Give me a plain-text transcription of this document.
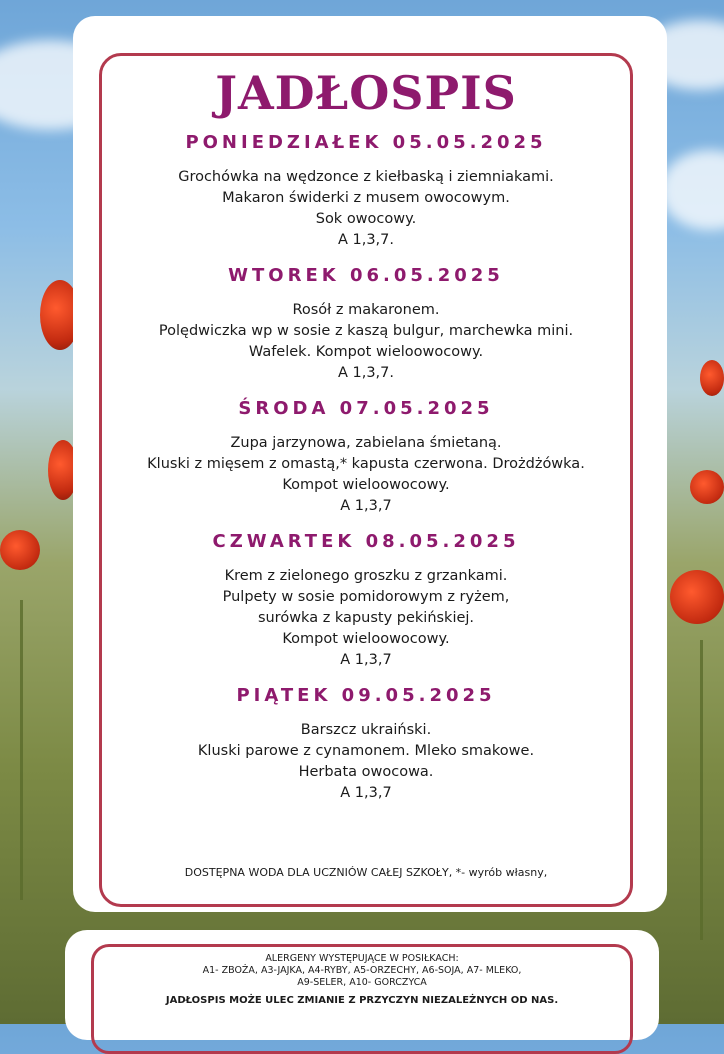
JADŁOSPIS
PONIEDZIAŁEK 05.05.2025
Grochówka na wędzonce z kiełbaską i ziemniakami.
Makaron świderki z musem owocowym.
Sok owocowy.
A 1,3,7.
WTOREK 06.05.2025
Rosół z makaronem.
Polędwiczka wp w sosie z kaszą bulgur, marchewka mini.
Wafelek. Kompot wieloowocowy.
A 1,3,7.
ŚRODA 07.05.2025
Zupa jarzynowa, zabielana śmietaną.
Kluski z mięsem z omastą,* kapusta czerwona. Drożdżówka.
Kompot wieloowocowy.
A 1,3,7
CZWARTEK 08.05.2025
Krem z zielonego groszku z grzankami.
Pulpety w sosie pomidorowym z ryżem,
surówka z kapusty pekińskiej.
Kompot wieloowocowy.
A 1,3,7
PIĄTEK 09.05.2025
Barszcz ukraiński.
Kluski parowe z cynamonem. Mleko smakowe.
Herbata owocowa.
A 1,3,7
DOSTĘPNA WODA DLA UCZNIÓW CAŁEJ SZKOŁY, *- wyrób własny,
ALERGENY WYSTĘPUJĄCE W POSIŁKACH:
A1- ZBOŻA, A3-JAJKA, A4-RYBY, A5-ORZECHY, A6-SOJA, A7- MLEKO,
A9-SELER, A10- GORCZYCA
JADŁOSPIS MOŻE ULEC ZMIANIE Z PRZYCZYN NIEZALEŻNYCH OD NAS.
